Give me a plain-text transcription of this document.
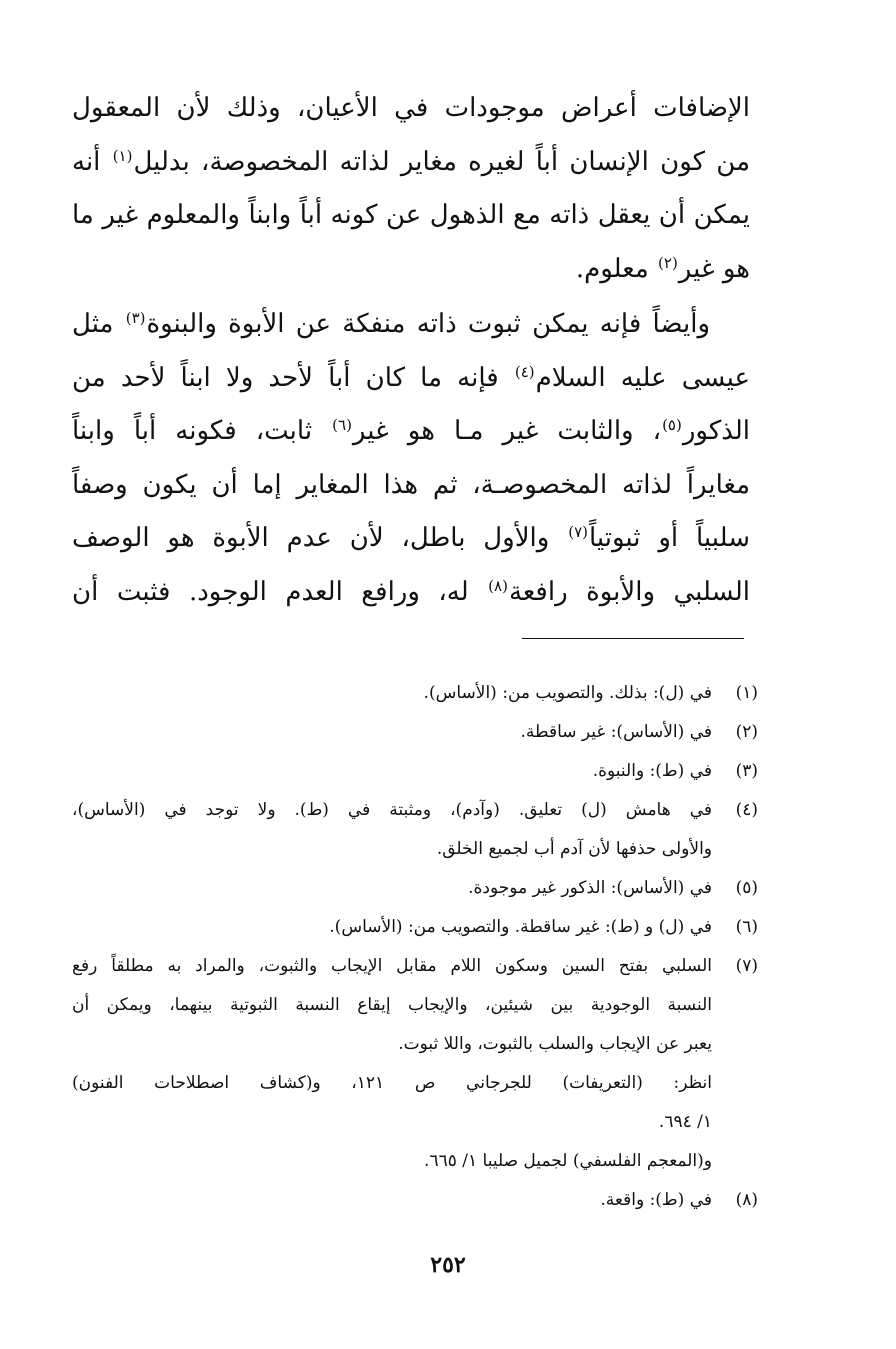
الإضافات أعراض موجودات في الأعيان، وذلك لأن المعقول

من كون الإنسان أباً لغيره مغاير لذاته المخصوصة، بدليل$^{(١)}$ أنه

يمكن أن يعقل ذاته مع الذهول عن كونه أباً وابناً والمعلوم غير ما

هو غير$^{(٢)}$ معلوم.

وأيضاً فإنه يمكن ثبوت ذاته منفكة عن الأبوة والبنوة$^{(٣)}$ مثل

عيسى عليه السلام$^{(٤)}$ فإنه ما كان أباً لأحد ولا ابناً لأحد من

الذكور$^{(٥)}$، والثابت غير مـا هو غير$^{(٦)}$ ثابت، فكونه أباً وابناً

مغايراً لذاته المخصوصـة، ثم هذا المغاير إما أن يكون وصفاً

سلبياً أو ثبوتياً$^{(٧)}$ والأول باطل، لأن عدم الأبوة هو الوصف

السلبي والأبوة رافعة$^{(٨)}$ له، ورافع العدم الوجود. فثبت أن

(١)
في (ل): بذلك. والتصويب من: (الأساس).
(٢)
في (الأساس): غير ساقطة.
(٣)
في (ط): والنبوة.
(٤)
في هامش (ل) تعليق. (وآدم)، ومثبتة في (ط). ولا توجد في (الأساس)،
والأولى حذفها لأن آدم أب لجميع الخلق.
(٥)
في (الأساس): الذكور غير موجودة.
(٦)
في (ل) و (ط): غير ساقطة. والتصويب من: (الأساس).
(٧)
السلبي بفتح السين وسكون اللام مقابل الإيجاب والثبوت، والمراد به مطلقاً رفع
النسبة الوجودية بين شيئين، والإيجاب إيقاع النسبة الثبوتية بينهما، ويمكن أن
يعبر عن الإيجاب والسلب بالثبوت، واللا ثبوت.
انظر: (التعريفات) للجرجاني ص ١٢١، و(كشاف اصطلاحات الفنون)
١/ ٦٩٤.
و(المعجم الفلسفي) لجميل صليبا ١/ ٦٦٥.
(٨)
في (ط): واقعة.
٢٥٢
